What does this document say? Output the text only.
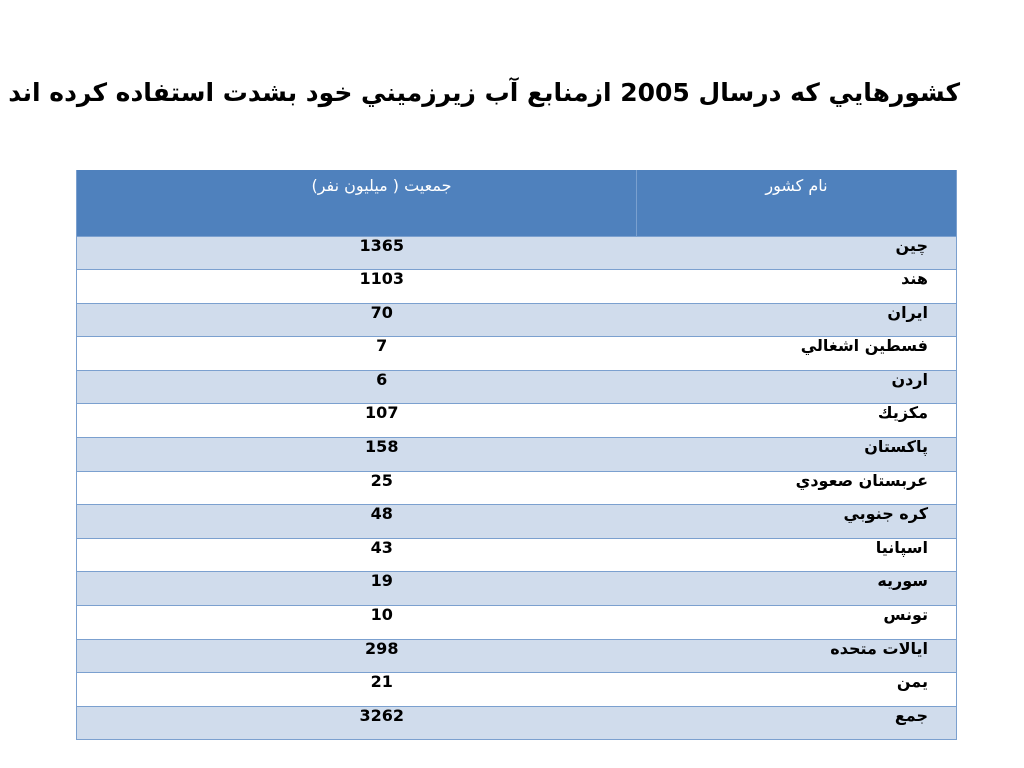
كشورهايي كه درسال 2005 ازمنابع آب زيرزميني خود بشدت استفاده كرده اند
نام كشور	جمعيت ( ميليون نفر)
چين	1365
هند	1103
ايران	70
فسطين اشغالي	7
اردن	6
مكزيك	107
پاكستان	158
عربستان صعودي	25
كره جنوبي	48
اسپانيا	43
سوريه	19
تونس	10
ايالات متحده	298
يمن	21
جمع	3262
